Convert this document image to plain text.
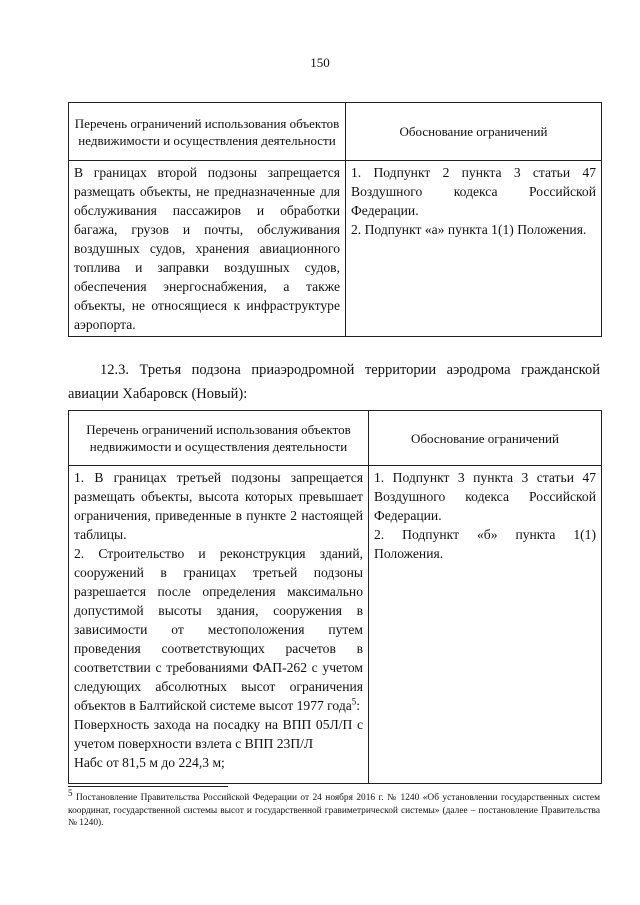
150
Перечень ограничений использования объектов недвижимости и осуществления деятельности	Обоснование ограничений
В границах второй подзоны запрещается размещать объекты, не предназначенные для обслуживания пассажиров и обработки багажа, грузов и почты, обслуживания воздушных судов, хранения авиационного топлива и заправки воздушных судов, обеспечения энергоснабжения, а также объекты, не относящиеся к инфраструктуре аэропорта.	1. Подпункт 2 пункта 3 статьи 47 Воздушного кодекса Российской Федерации.
2. Подпункт «а» пункта 1(1) Положения.
12.3. Третья подзона приаэродромной территории аэродрома гражданской авиации Хабаровск (Новый):
Перечень ограничений использования объектов недвижимости и осуществления деятельности	Обоснование ограничений

1. В границах третьей подзоны запрещается размещать объекты, высота которых превышает ограничения, приведенные в пункте 2 настоящей таблицы.
2. Строительство и реконструкция зданий, сооружений в границах третьей подзоны разрешается после определения максимально допустимой высоты здания, сооружения в зависимости от местоположения путем проведения соответствующих расчетов в соответствии с требованиями ФАП-262 с учетом следующих абсолютных высот ограничения объектов в Балтийской системе высот 1977 года$^5$:
Поверхность захода на посадку на ВПП 05Л/П с учетом поверхности взлета с ВПП 23П/Л
Набс от 81,5 м до 224,3 м;	1. Подпункт 3 пункта 3 статьи 47 Воздушного кодекса Российской Федерации.
2. Подпункт «б» пункта 1(1) Положения.
$^5$ Постановление Правительства Российской Федерации от 24 ноября 2016 г. № 1240 «Об установлении государственных систем координат, государственной системы высот и государственной гравиметрической системы» (далее – постановление Правительства № 1240).
